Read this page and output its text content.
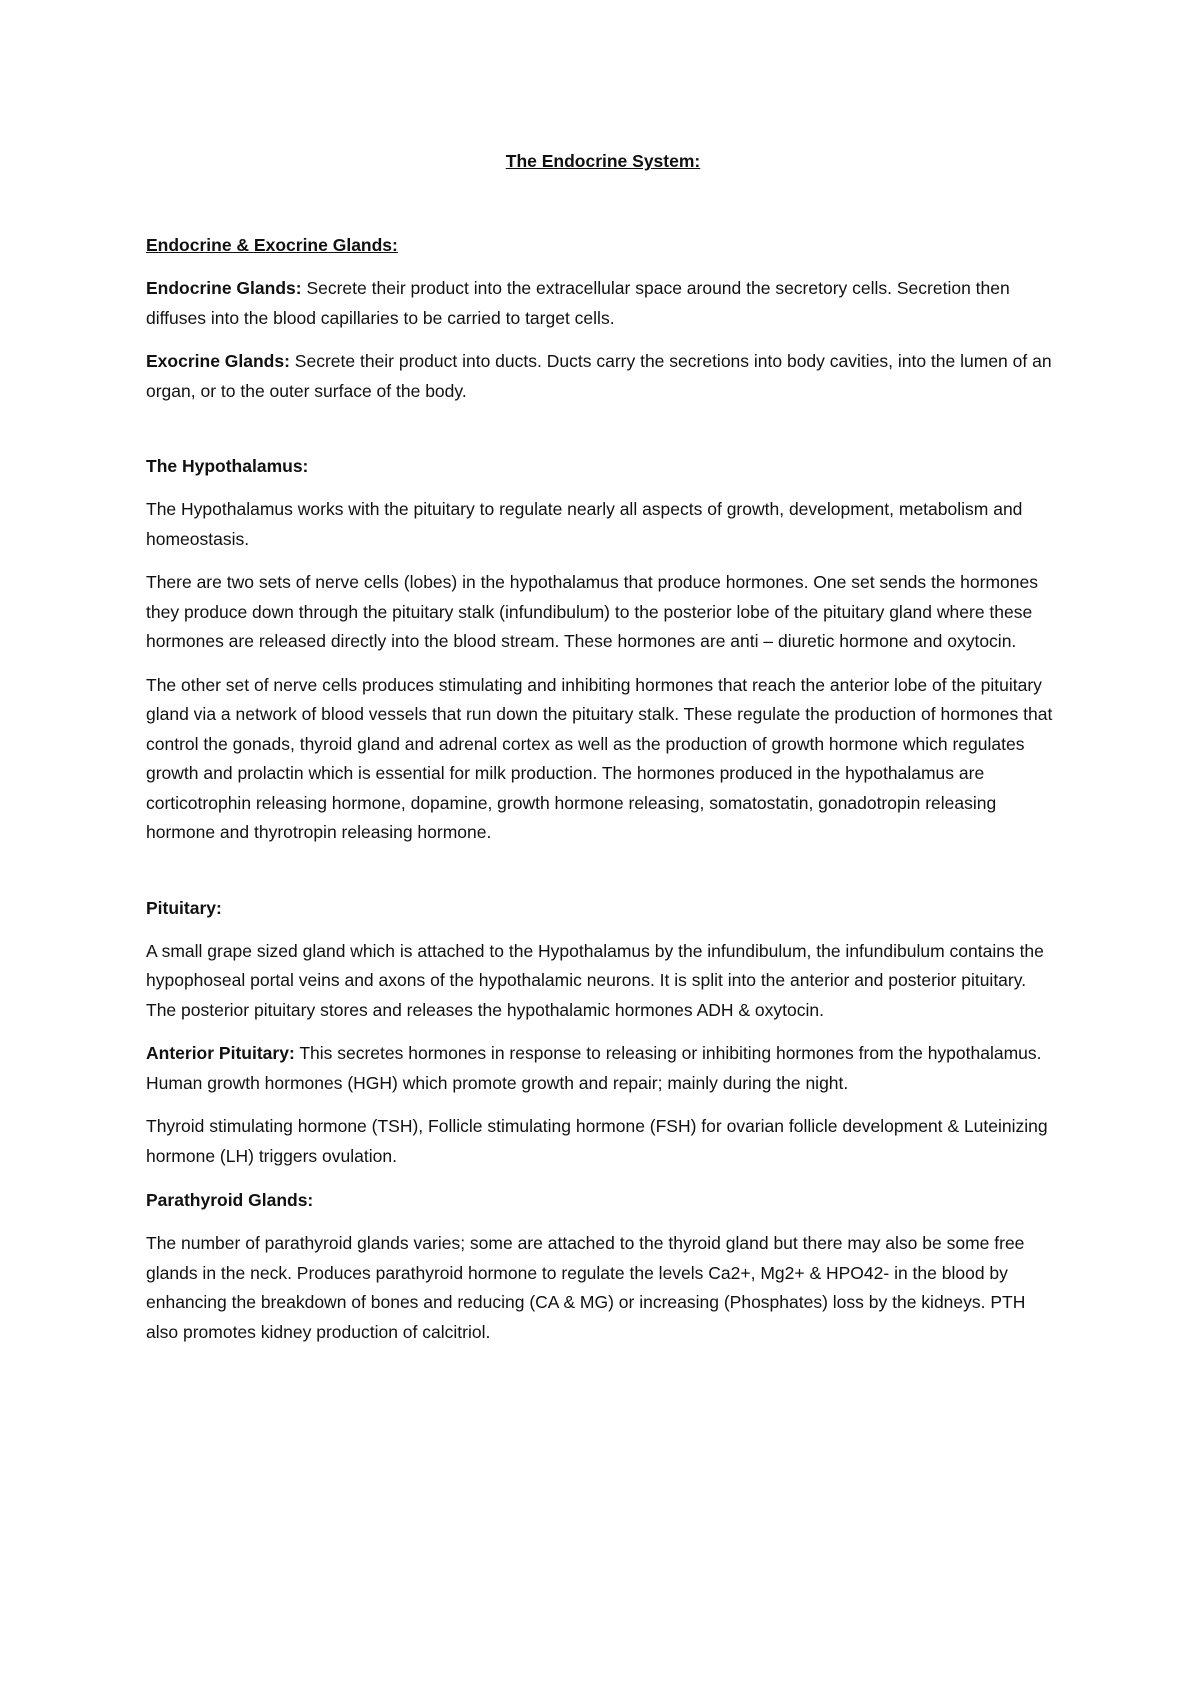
The Endocrine System:
Endocrine & Exocrine Glands:

Endocrine Glands: Secrete their product into the extracellular space around the secretory cells. Secretion then diffuses into the blood capillaries to be carried to target cells.

Exocrine Glands: Secrete their product into ducts. Ducts carry the secretions into body cavities, into the lumen of an organ, or to the outer surface of the body.

The Hypothalamus:

The Hypothalamus works with the pituitary to regulate nearly all aspects of growth, development, metabolism and homeostasis.

There are two sets of nerve cells (lobes) in the hypothalamus that produce hormones. One set sends the hormones they produce down through the pituitary stalk (infundibulum) to the posterior lobe of the pituitary gland where these hormones are released directly into the blood stream. These hormones are anti – diuretic hormone and oxytocin.

The other set of nerve cells produces stimulating and inhibiting hormones that reach the anterior lobe of the pituitary gland via a network of blood vessels that run down the pituitary stalk. These regulate the production of hormones that control the gonads, thyroid gland and adrenal cortex as well as the production of growth hormone which regulates growth and prolactin which is essential for milk production. The hormones produced in the hypothalamus are corticotrophin releasing hormone, dopamine, growth hormone releasing, somatostatin, gonadotropin releasing hormone and thyrotropin releasing hormone.

Pituitary:

A small grape sized gland which is attached to the Hypothalamus by the infundibulum, the infundibulum contains the hypophoseal portal veins and axons of the hypothalamic neurons. It is split into the anterior and posterior pituitary. The posterior pituitary stores and releases the hypothalamic hormones ADH & oxytocin.

Anterior Pituitary: This secretes hormones in response to releasing or inhibiting hormones from the hypothalamus. Human growth hormones (HGH) which promote growth and repair; mainly during the night.

Thyroid stimulating hormone (TSH), Follicle stimulating hormone (FSH) for ovarian follicle development & Luteinizing hormone (LH) triggers ovulation.

Parathyroid Glands:

The number of parathyroid glands varies; some are attached to the thyroid gland but there may also be some free glands in the neck. Produces parathyroid hormone to regulate the levels Ca2+, Mg2+ & HPO42- in the blood by enhancing the breakdown of bones and reducing (CA & MG) or increasing (Phosphates) loss by the kidneys. PTH also promotes kidney production of calcitriol.
